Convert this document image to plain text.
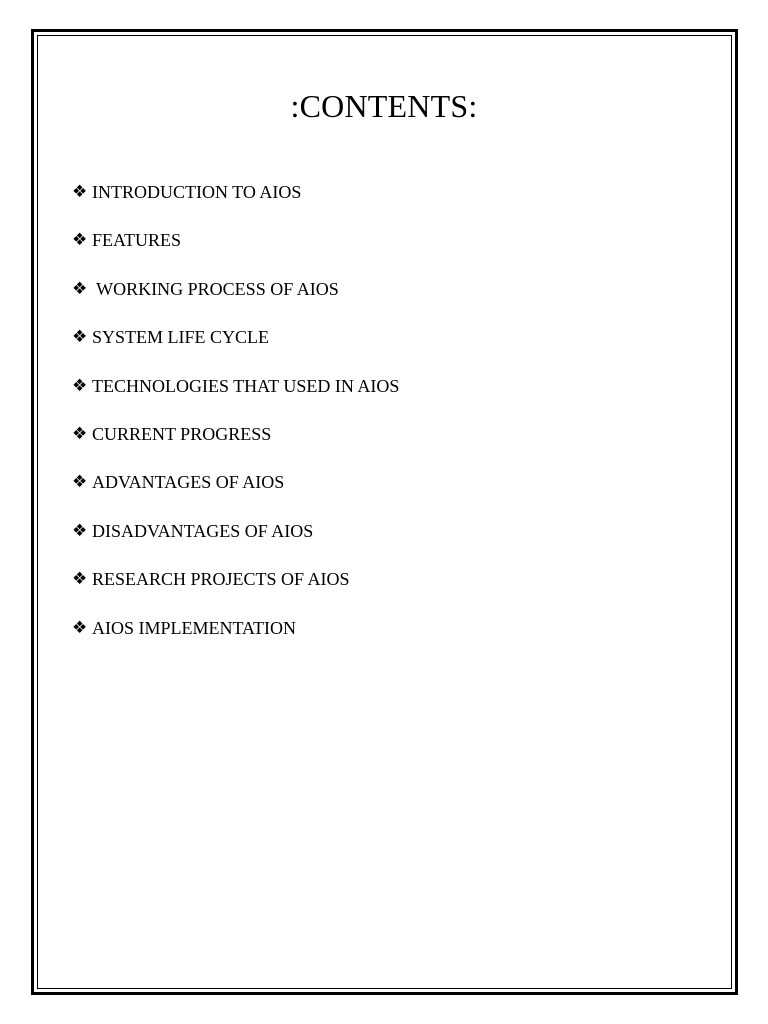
:CONTENTS:
❖ INTRODUCTION TO AIOS
❖ FEATURES
❖ WORKING PROCESS OF AIOS
❖ SYSTEM LIFE CYCLE
❖ TECHNOLOGIES THAT USED IN AIOS
❖ CURRENT PROGRESS
❖ ADVANTAGES OF AIOS
❖ DISADVANTAGES OF AIOS
❖ RESEARCH PROJECTS OF AIOS
❖ AIOS IMPLEMENTATION
